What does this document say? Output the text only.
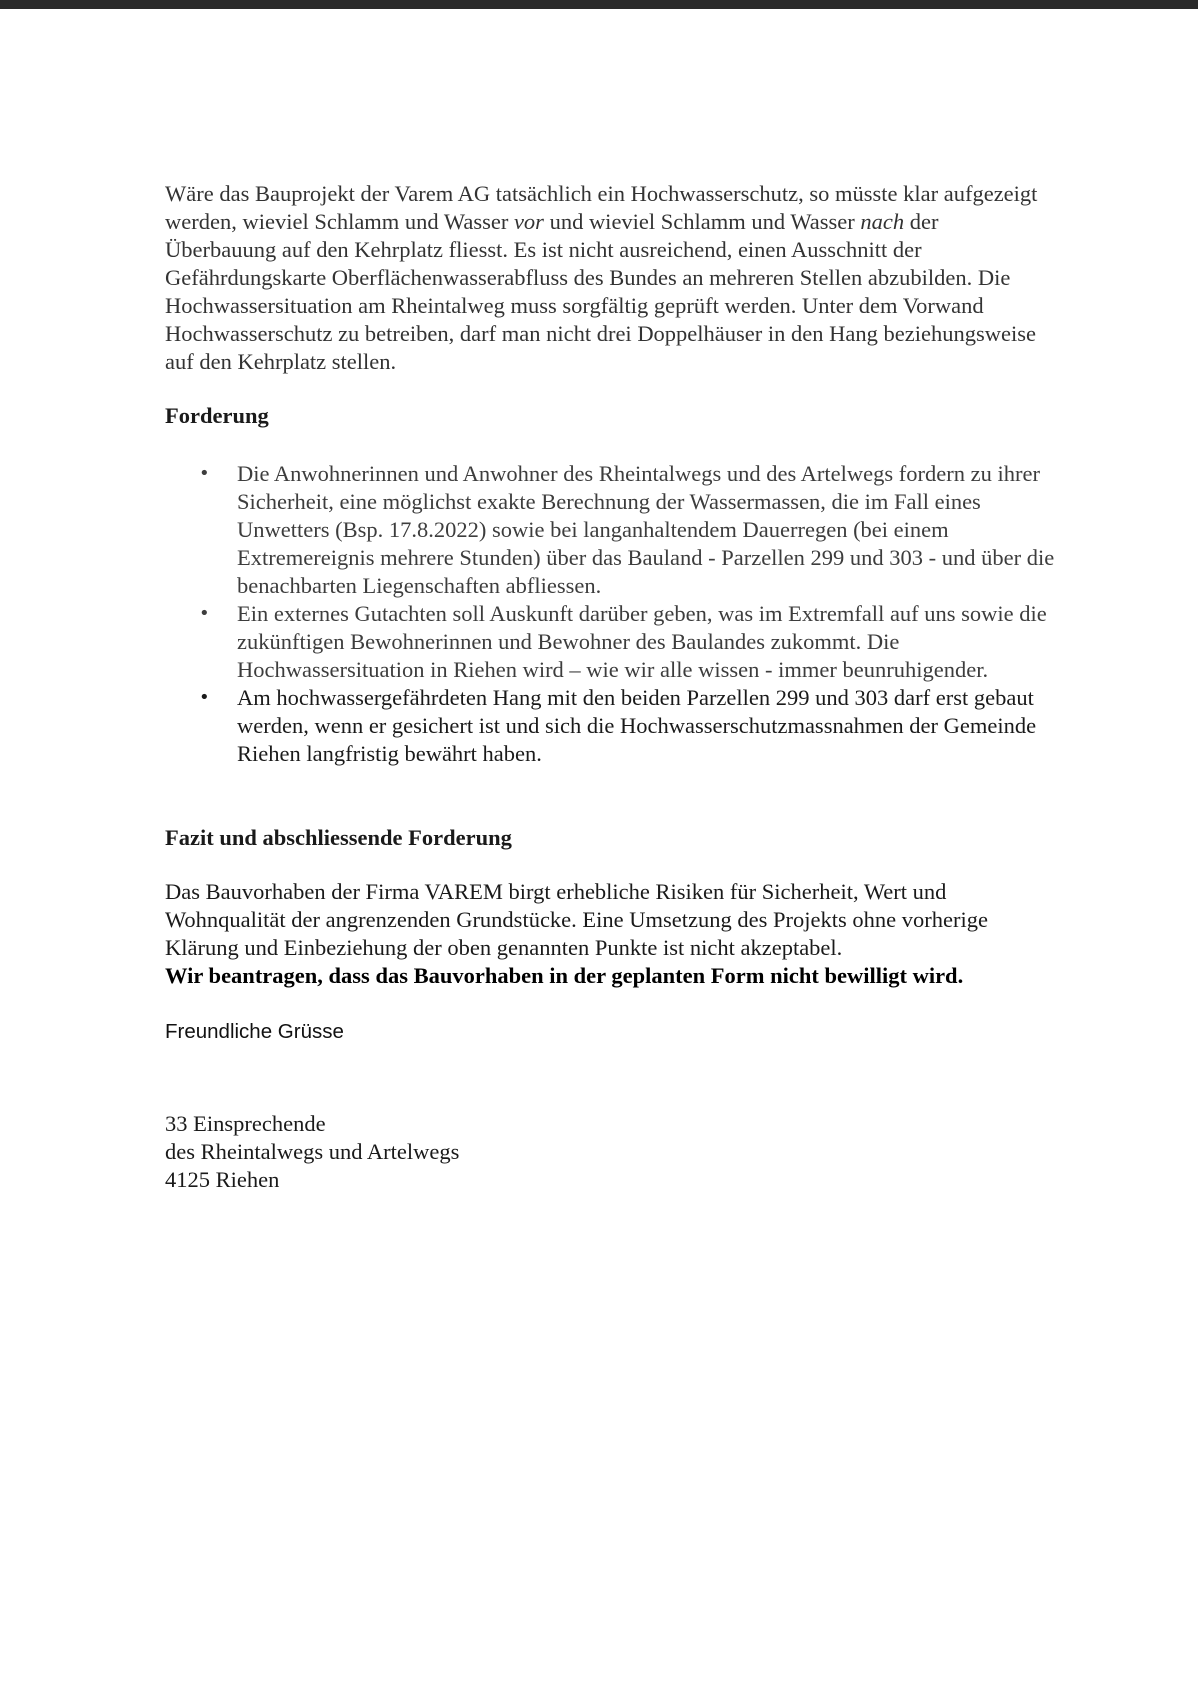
Wäre das Bauprojekt der Varem AG tatsächlich ein Hochwasserschutz, so müsste klar aufgezeigt werden, wieviel Schlamm und Wasser vor und wieviel Schlamm und Wasser nach der Überbauung auf den Kehrplatz fliesst. Es ist nicht ausreichend, einen Ausschnitt der Gefährdungskarte Oberflächenwasserabfluss des Bundes an mehreren Stellen abzubilden. Die Hochwassersituation am Rheintalweg muss sorgfältig geprüft werden. Unter dem Vorwand Hochwasserschutz zu betreiben, darf man nicht drei Doppelhäuser in den Hang beziehungsweise auf den Kehrplatz stellen.

Forderung

• Die Anwohnerinnen und Anwohner des Rheintalwegs und des Artelwegs fordern zu ihrer Sicherheit, eine möglichst exakte Berechnung der Wassermassen, die im Fall eines Unwetters (Bsp. 17.8.2022) sowie bei langanhaltendem Dauerregen (bei einem Extremereignis mehrere Stunden) über das Bauland - Parzellen 299 und 303 - und über die benachbarten Liegenschaften abfliessen.
• Ein externes Gutachten soll Auskunft darüber geben, was im Extremfall auf uns sowie die zukünftigen Bewohnerinnen und Bewohner des Baulandes zukommt. Die Hochwassersituation in Riehen wird – wie wir alle wissen - immer beunruhigender.
• Am hochwassergefährdeten Hang mit den beiden Parzellen 299 und 303 darf erst gebaut werden, wenn er gesichert ist und sich die Hochwasserschutzmassnahmen der Gemeinde Riehen langfristig bewährt haben.

Fazit und abschliessende Forderung

Das Bauvorhaben der Firma VAREM birgt erhebliche Risiken für Sicherheit, Wert und Wohnqualität der angrenzenden Grundstücke. Eine Umsetzung des Projekts ohne vorherige Klärung und Einbeziehung der oben genannten Punkte ist nicht akzeptabel.
Wir beantragen, dass das Bauvorhaben in der geplanten Form nicht bewilligt wird.

Freundliche Grüsse

33 Einsprechende
des Rheintalwegs und Artelwegs
4125 Riehen
